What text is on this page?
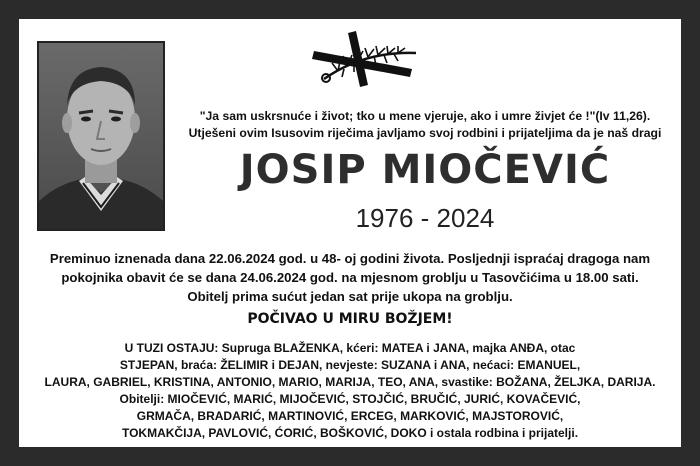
"Ja sam uskrsnuće i život; tko u mene vjeruje, ako i umre živjet će !"(Iv 11,26).
Utješeni ovim Isusovim riječima javljamo svoj rodbini i prijateljima da je naš dragi
JOSIP MIOČEVIĆ
1976 - 2024
Preminuo iznenada dana 22.06.2024 god. u 48- oj godini života. Posljednji ispraćaj dragoga nam
pokojnika obavit će se dana 24.06.2024 god. na mjesnom groblju u Tasovčićima u 18.00 sati.
Obitelj prima sućut jedan sat prije ukopa na groblju.
POČIVAO U MIRU BOŽJEM!
U TUZI OSTAJU: Supruga BLAŽENKA, kćeri: MATEA i JANA, majka ANĐA, otac
STJEPAN, braća: ŽELIMIR i DEJAN, nevjeste: SUZANA i ANA, nećaci: EMANUEL,
LAURA, GABRIEL, KRISTINA, ANTONIO, MARIO, MARIJA, TEO, ANA, svastike: BOŽANA, ŽELJKA, DARIJA.
Obitelji: MIOČEVIĆ, MARIĆ, MIJOČEVIĆ, STOJČIĆ, BRUČIĆ, JURIĆ, KOVAČEVIĆ,
GRMAČA, BRADARIĆ, MARTINOVIĆ, ERCEG, MARKOVIĆ, MAJSTOROVIĆ,
TOKMAKČIJA, PAVLOVIĆ, ĆORIĆ, BOŠKOVIĆ, DOKO i ostala rodbina i prijatelji.
